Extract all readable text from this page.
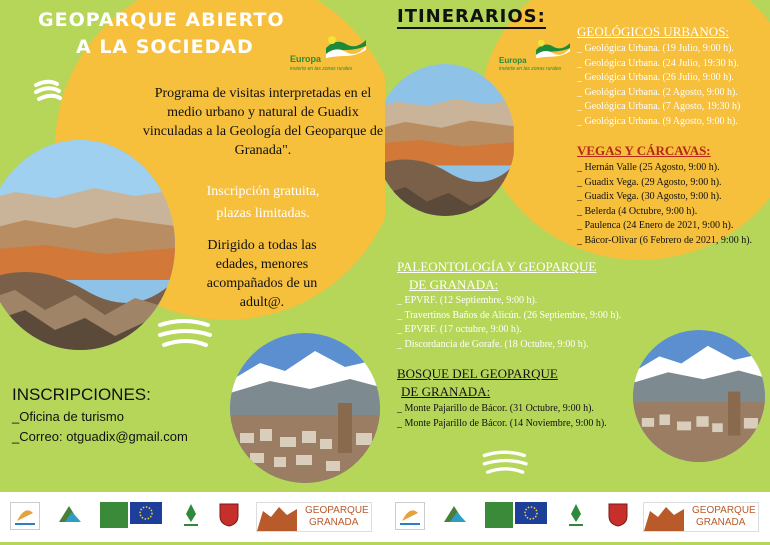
GEOPARQUE ABIERTO
A LA SOCIEDAD
Europa
invierte en las zonas rurales
Programa de visitas interpretadas en el medio urbano y natural de Guadix vinculadas a la Geología del Geoparque de Granada".
Inscripción gratuita,
plazas limitadas.
Dirigido a todas las edades, menores acompañados de un adult@.
INSCRIPCIONES:
_Oficina de turismo
_Correo: otguadix@gmail.com
GEOPARQUE
GRANADA
ITINERARIOS:
Europa
invierte en las zonas rurales
GEOLÓGICOS URBANOS:
_ Geológica Urbana. (19 Julio, 9:00 h).
_ Geológica Urbana. (24 Julio, 19:30 h).
_ Geológica Urbana. (26 Julio, 9:00 h).
_ Geológica Urbana. (2 Agosto, 9:00 h).
_ Geológica Urbana. (7 Agosto, 19:30 h)
_ Geológica Urbana. (9 Agosto, 9:00 h).
VEGAS Y CÁRCAVAS:
_ Hernán Valle (25 Agosto, 9:00 h).
_ Guadix Vega. (29 Agosto, 9:00 h).
_ Guadix Vega. (30 Agosto, 9:00 h).
_ Belerda (4 Octubre, 9:00 h).
_ Paulenca (24 Enero de 2021, 9:00 h).
_ Bácor-Olivar (6 Febrero de 2021, 9:00 h).
PALEONTOLOGÍA Y GEOPARQUE
DE GRANADA:
_ EPVRF. (12 Septiembre, 9:00 h).
_ Travertinos Baños de Alicún. (26 Septiembre, 9:00 h).
_ EPVRF. (17 octubre, 9:00 h).
_ Discordancia de Gorafe. (18 Octubre, 9:00 h).
BOSQUE DEL GEOPARQUE
DE GRANADA:
_ Monte Pajarillo de Bácor. (31 Octubre, 9:00 h).
_ Monte Pajarillo de Bácor. (14 Noviembre, 9:00 h).
GEOPARQUE
GRANADA
